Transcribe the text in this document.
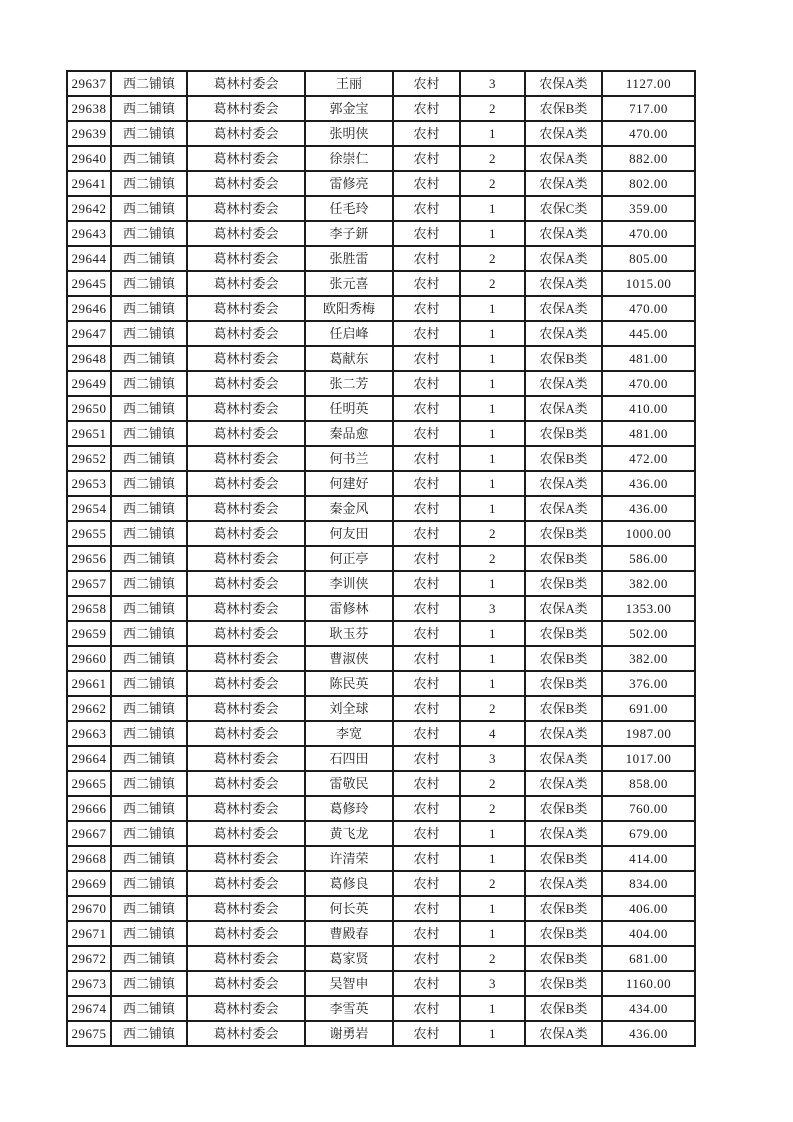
29637	西二铺镇	葛林村委会	王丽	农村	3	农保A类	1127.00
29638	西二铺镇	葛林村委会	郭金宝	农村	2	农保B类	717.00
29639	西二铺镇	葛林村委会	张明侠	农村	1	农保A类	470.00
29640	西二铺镇	葛林村委会	徐崇仁	农村	2	农保A类	882.00
29641	西二铺镇	葛林村委会	雷修亮	农村	2	农保A类	802.00
29642	西二铺镇	葛林村委会	任毛玲	农村	1	农保C类	359.00
29643	西二铺镇	葛林村委会	李子鈃	农村	1	农保A类	470.00
29644	西二铺镇	葛林村委会	张胜雷	农村	2	农保A类	805.00
29645	西二铺镇	葛林村委会	张元喜	农村	2	农保A类	1015.00
29646	西二铺镇	葛林村委会	欧阳秀梅	农村	1	农保A类	470.00
29647	西二铺镇	葛林村委会	任启峰	农村	1	农保A类	445.00
29648	西二铺镇	葛林村委会	葛献东	农村	1	农保B类	481.00
29649	西二铺镇	葛林村委会	张二芳	农村	1	农保A类	470.00
29650	西二铺镇	葛林村委会	任明英	农村	1	农保A类	410.00
29651	西二铺镇	葛林村委会	秦品愈	农村	1	农保B类	481.00
29652	西二铺镇	葛林村委会	何书兰	农村	1	农保B类	472.00
29653	西二铺镇	葛林村委会	何建好	农村	1	农保A类	436.00
29654	西二铺镇	葛林村委会	秦金风	农村	1	农保A类	436.00
29655	西二铺镇	葛林村委会	何友田	农村	2	农保B类	1000.00
29656	西二铺镇	葛林村委会	何正亭	农村	2	农保B类	586.00
29657	西二铺镇	葛林村委会	李训侠	农村	1	农保B类	382.00
29658	西二铺镇	葛林村委会	雷修林	农村	3	农保A类	1353.00
29659	西二铺镇	葛林村委会	耿玉芬	农村	1	农保B类	502.00
29660	西二铺镇	葛林村委会	曹淑侠	农村	1	农保B类	382.00
29661	西二铺镇	葛林村委会	陈民英	农村	1	农保B类	376.00
29662	西二铺镇	葛林村委会	刘全球	农村	2	农保B类	691.00
29663	西二铺镇	葛林村委会	李宽	农村	4	农保A类	1987.00
29664	西二铺镇	葛林村委会	石四田	农村	3	农保A类	1017.00
29665	西二铺镇	葛林村委会	雷敬民	农村	2	农保A类	858.00
29666	西二铺镇	葛林村委会	葛修玲	农村	2	农保B类	760.00
29667	西二铺镇	葛林村委会	黄飞龙	农村	1	农保A类	679.00
29668	西二铺镇	葛林村委会	许清荣	农村	1	农保B类	414.00
29669	西二铺镇	葛林村委会	葛修良	农村	2	农保A类	834.00
29670	西二铺镇	葛林村委会	何长英	农村	1	农保B类	406.00
29671	西二铺镇	葛林村委会	曹殿春	农村	1	农保B类	404.00
29672	西二铺镇	葛林村委会	葛家贤	农村	2	农保B类	681.00
29673	西二铺镇	葛林村委会	吴智申	农村	3	农保B类	1160.00
29674	西二铺镇	葛林村委会	李雪英	农村	1	农保B类	434.00
29675	西二铺镇	葛林村委会	谢勇岩	农村	1	农保A类	436.00
